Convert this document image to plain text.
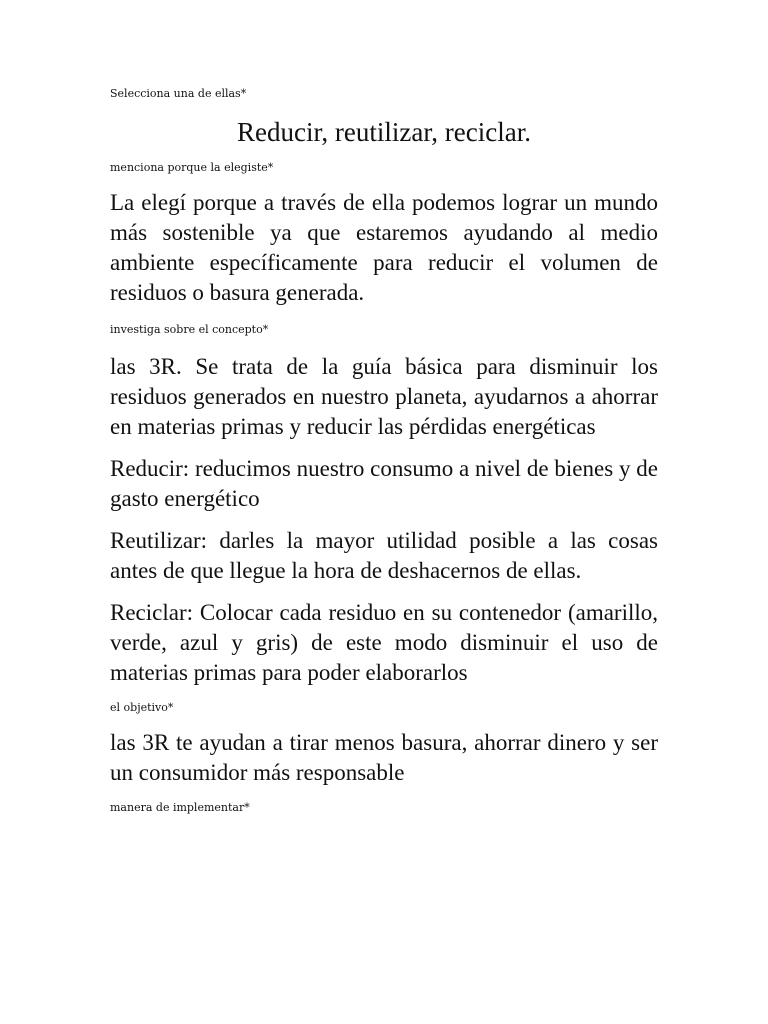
Selecciona una de ellas*

Reducir, reutilizar, reciclar.

menciona porque la elegiste*

La elegí porque a través de ella podemos lograr un mundo más sostenible ya que estaremos ayudando al medio ambiente específicamente para reducir el volumen de residuos o basura generada.

investiga sobre el concepto*

las 3R. Se trata de la guía básica para disminuir los residuos generados en nuestro planeta, ayudarnos a ahorrar en materias primas y reducir las pérdidas energéticas

Reducir: reducimos nuestro consumo a nivel de bienes y de gasto energético

Reutilizar: darles la mayor utilidad posible a las cosas antes de que llegue la hora de deshacernos de ellas.

Reciclar: Colocar cada residuo en su contenedor (amarillo, verde, azul y gris) de este modo disminuir el uso de materias primas para poder elaborarlos

el objetivo*

las 3R te ayudan a tirar menos basura, ahorrar dinero y ser un consumidor más responsable

manera de implementar*
